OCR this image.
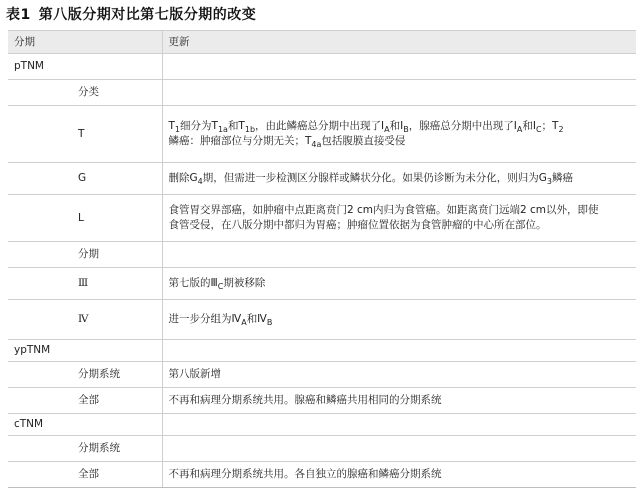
表1 第八版分期对比第七版分期的改变
分期		更新
pTNM		
	分类	
	T	$T_1$细分为$T_{1a}$和$T_{1b}$，由此鳞癌总分期中出现了$Ⅰ_A$和$Ⅰ_B$，腺癌总分期中出现了$Ⅰ_A$和$Ⅰ_C$；$T_2$
鳞癌：肿瘤部位与分期无关；$T_{4a}$包括腹膜直接受侵
	G	删除$G_4$期，但需进一步检测区分腺样或鳞状分化。如果仍诊断为未分化，则归为$G_3$鳞癌
	L	食管胃交界部癌，如肿瘤中点距离贲门2 cm内归为食管癌。如距离贲门远端2 cm以外，即使
食管受侵，在八版分期中都归为胃癌；肿瘤位置依据为食管肿瘤的中心所在部位。
	分期	
	Ⅲ	第七版的$Ⅲ_C$期被移除
	Ⅳ	进一步分组为$Ⅳ_A$和$Ⅳ_B$
ypTNM		
	分期系统	第八版新增
	全部	不再和病理分期系统共用。腺癌和鳞癌共用相同的分期系统
cTNM		
	分期系统	
	全部	不再和病理分期系统共用。各自独立的腺癌和鳞癌分期系统
